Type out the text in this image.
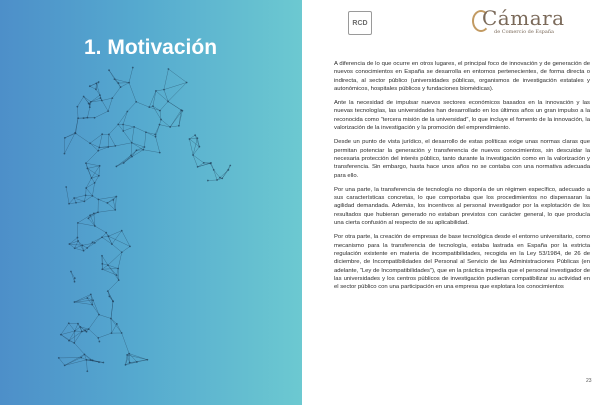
1. Motivación
RCD	Cámara
de Comercio de España

A diferencia de lo que ocurre en otros lugares, el principal foco de innovación y de generación de nuevos conocimientos en España se desarrolla en entornos pertenecientes, de forma directa o indirecta, al sector público (universidades públicas, organismos de investigación estatales y autonómicos, hospitales públicos y fundaciones biomédicas).

Ante la necesidad de impulsar nuevos sectores económicos basados en la innovación y las nuevas tecnologías, las universidades han desarrollado en los últimos años un gran impulso a la reconocida como “tercera misión de la universidad”, lo que incluye el fomento de la innovación, la valorización de la investigación y la promoción del emprendimiento.

Desde un punto de vista jurídico, el desarrollo de estas políticas exige unas normas claras que permitan potenciar la generación y transferencia de nuevos conocimientos, sin descuidar la necesaria protección del interés público, tanto durante la investigación como en la valorización y transferencia. Sin embargo, hasta hace unos años no se contaba con una normativa adecuada para ello.

Por una parte, la transferencia de tecnología no disponía de un régimen específico, adecuado a sus características concretas, lo que comportaba que los procedimientos no dispensaran la agilidad demandada. Además, los incentivos al personal investigador por la explotación de los resultados que hubieran generado no estaban previstos con carácter general, lo que producía una cierta confusión al respecto de su aplicabilidad.

Por otra parte, la creación de empresas de base tecnológica desde el entorno universitario, como mecanismo para la transferencia de tecnología, estaba lastrada en España por la estricta regulación existente en materia de incompatibilidades, recogida en la Ley 53/1984, de 26 de diciembre, de Incompatibilidades del Personal al Servicio de las Administraciones Públicas (en adelante, “Ley de Incompatibilidades”), que en la práctica impedía que el personal investigador de las universidades y los centros públicos de investigación pudieran compatibilizar su actividad en el sector público con una participación en una empresa que explotara los conocimientos

23
